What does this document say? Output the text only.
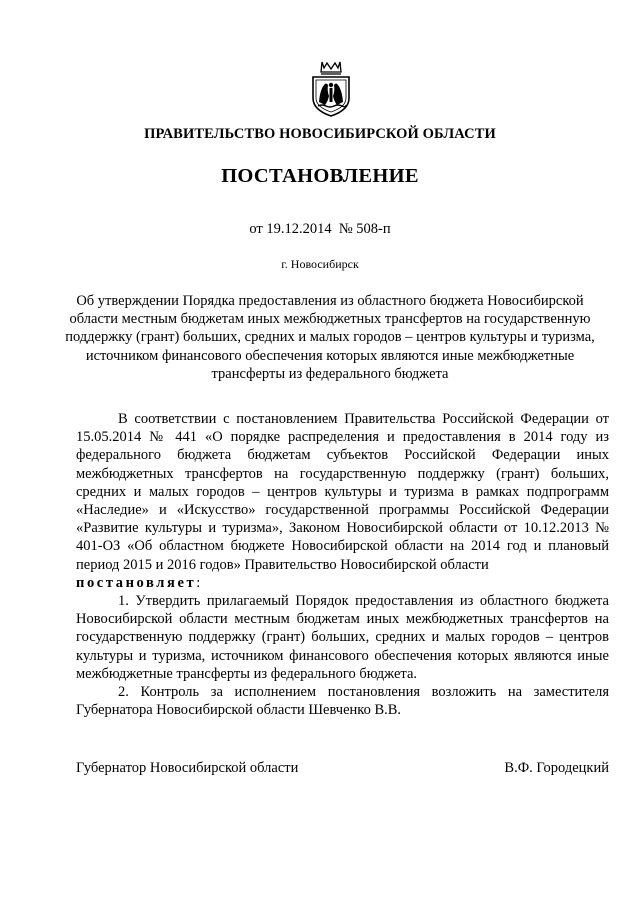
ПРАВИТЕЛЬСТВО НОВОСИБИРСКОЙ ОБЛАСТИ
ПОСТАНОВЛЕНИЕ
от 19.12.2014  № 508-п
г. Новосибирск
Об утверждении Порядка предоставления из областного бюджета Новосибирской области местным бюджетам иных межбюджетных трансфертов на государственную поддержку (грант) больших, средних и малых городов – центров культуры и туризма, источником финансового обеспечения которых являются иные межбюджетные трансферты из федерального бюджета

В соответствии с постановлением Правительства Российской Федерации от 15.05.2014 № 441 «О порядке распределения и предоставления в 2014 году из федерального бюджета бюджетам субъектов Российской Федерации иных межбюджетных трансфертов на государственную поддержку (грант) больших, средних и малых городов – центров культуры и туризма в рамках подпрограмм «Наследие» и «Искусство» государственной программы Российской Федерации «Развитие культуры и туризма», Законом Новосибирской области от 10.12.2013 № 401-ОЗ «Об областном бюджете Новосибирской области на 2014 год и плановый период 2015 и 2016 годов» Правительство Новосибирской области
постановляет:

1. Утвердить прилагаемый Порядок предоставления из областного бюджета Новосибирской области местным бюджетам иных межбюджетных трансфертов на государственную поддержку (грант) больших, средних и малых городов – центров культуры и туризма, источником финансового обеспечения которых являются иные межбюджетные трансферты из федерального бюджета.

2. Контроль за исполнением постановления возложить на заместителя Губернатора Новосибирской области Шевченко В.В.

Губернатор Новосибирской области	В.Ф. Городецкий
